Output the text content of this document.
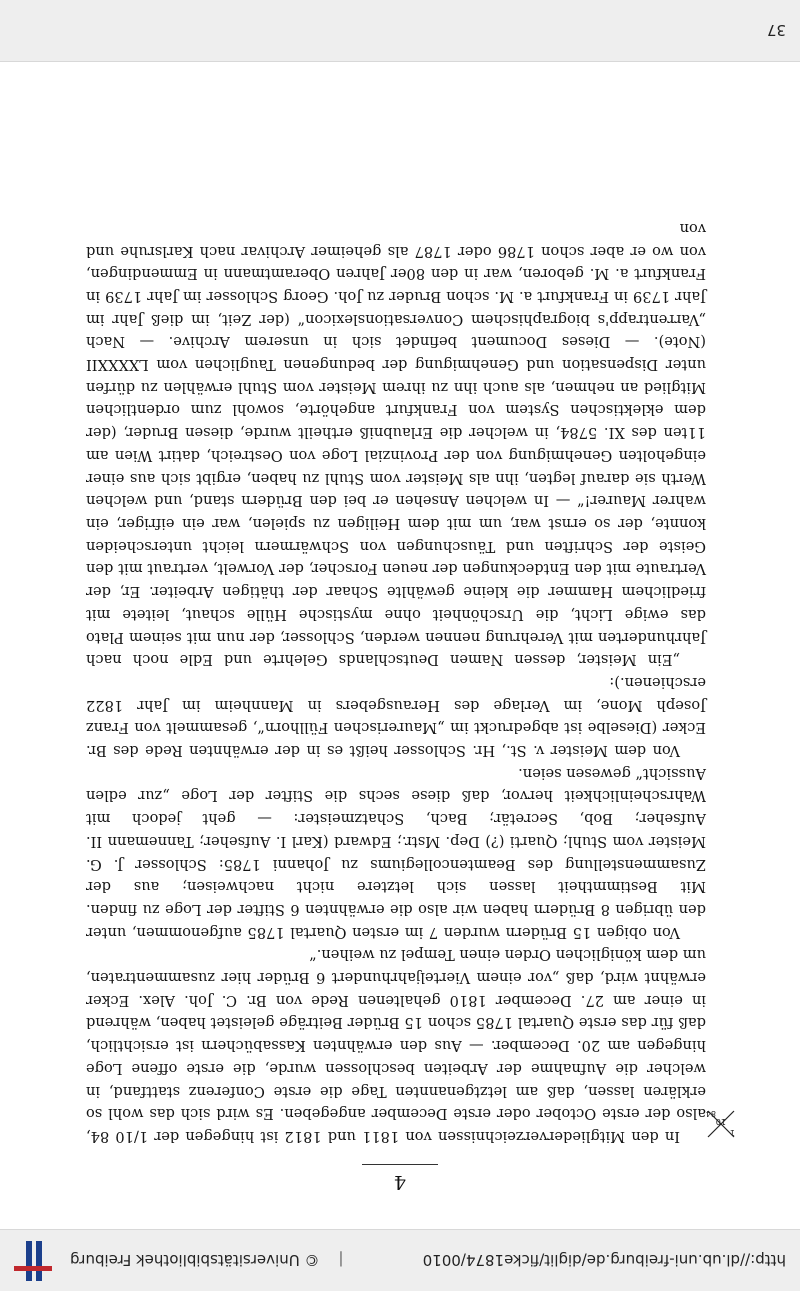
http://dl.ub.uni-freiburg.de/diglit/ficke1874/0010
|
© Universitätsbibliothek Freiburg
4
1
10
84

In den Mitgliederverzeichnissen von 1811 und 1812 ist hingegen der 1/10 84, also der erste October oder erste December angegeben. Es wird sich das wohl so erklären lassen, daß am letztgenannten Tage die erste Conferenz stattfand, in welcher die Aufnahme der Arbeiten beschlossen wurde, die erste offene Loge hingegen am 20. December. — Aus den erwähnten Kassabüchern ist ersichtlich, daß für das erste Quartal 1785 schon 15 Brüder Beiträge geleistet haben, während in einer am 27. December 1810 gehaltenen Rede von Br. C. Joh. Alex. Ecker erwähnt wird, daß „vor einem Vierteljahrhundert 6 Brüder hier zusammentraten, um dem königlichen Orden einen Tempel zu weihen.“

Von obigen 15 Brüdern wurden 7 im ersten Quartal 1785 aufgenommen, unter den übrigen 8 Brüdern haben wir also die erwähnten 6 Stifter der Loge zu finden. Mit Bestimmtheit lassen sich letztere nicht nachweisen; aus der Zusammenstellung des Beamtencollegiums zu Johanni 1785: Schlosser J. G. Meister vom Stuhl; Quarti (?) Dep. Mstr.; Edward (Karl I. Aufseher; Tannemann II. Aufseher; Bob, Secretär; Bach, Schatzmeister: — geht jedoch mit Wahrscheinlichkeit hervor, daß diese sechs die Stifter der Loge „zur edlen Aussicht“ gewesen seien.

Von dem Meister v. St., Hr. Schlosser heißt es in der erwähnten Rede des Br. Ecker (Dieselbe ist abgedruckt im „Maurerischen Füllhorn“, gesammelt von Franz Joseph Mone, im Verlage des Herausgebers in Mannheim im Jahr 1822 erschienen.):

„Ein Meister, dessen Namen Deutschlands Gelehrte und Edle noch nach Jahrhunderten mit Verehrung nennen werden, Schlosser, der nun mit seinem Plato das ewige Licht, die Urschönheit ohne mystische Hülle schaut, leitete mit friedlichem Hammer die kleine gewählte Schaar der thätigen Arbeiter. Er, der Vertraute mit den Entdeckungen der neuen Forscher, der Vorwelt, vertraut mit den Geiste der Schriften und Täuschungen von Schwärmern leicht unterscheiden konnte, der so ernst war, um mit dem Heiligen zu spielen, war ein eifriger, ein wahrer Maurer!“ — In welchen Ansehen er bei den Brüdern stand, und welchen Werth sie darauf legten, ihn als Meister vom Stuhl zu haben, ergibt sich aus einer eingeholten Genehmigung von der Provinzial Loge von Oestreich, datirt Wien am 11ten des XI. 5784, in welcher die Erlaubniß ertheilt wurde, diesen Bruder, (der dem eklektischen System von Frankfurt angehörte, sowohl zum ordentlichen Mitglied an nehmen, als auch ihn zu ihrem Meister vom Stuhl erwählen zu dürfen unter Dispensation und Genehmigung der bedungenen Tauglichen vom LXXXXII (Note). — Dieses Document befindet sich in unserem Archive. — Nach „Varrentrapp's biographischem Conversationslexicon“ (der Zeit, im dieß Jahr im Jahr 1739 in Frankfurt a. M. schon Bruder zu Joh. Georg Schlosser im Jahr 1739 in Frankfurt a. M. geboren, war in den 80er Jahren Oberamtmann in Emmendingen, von wo er aber schon 1786 oder 1787 als geheimer Archivar nach Karlsruhe und von

37
